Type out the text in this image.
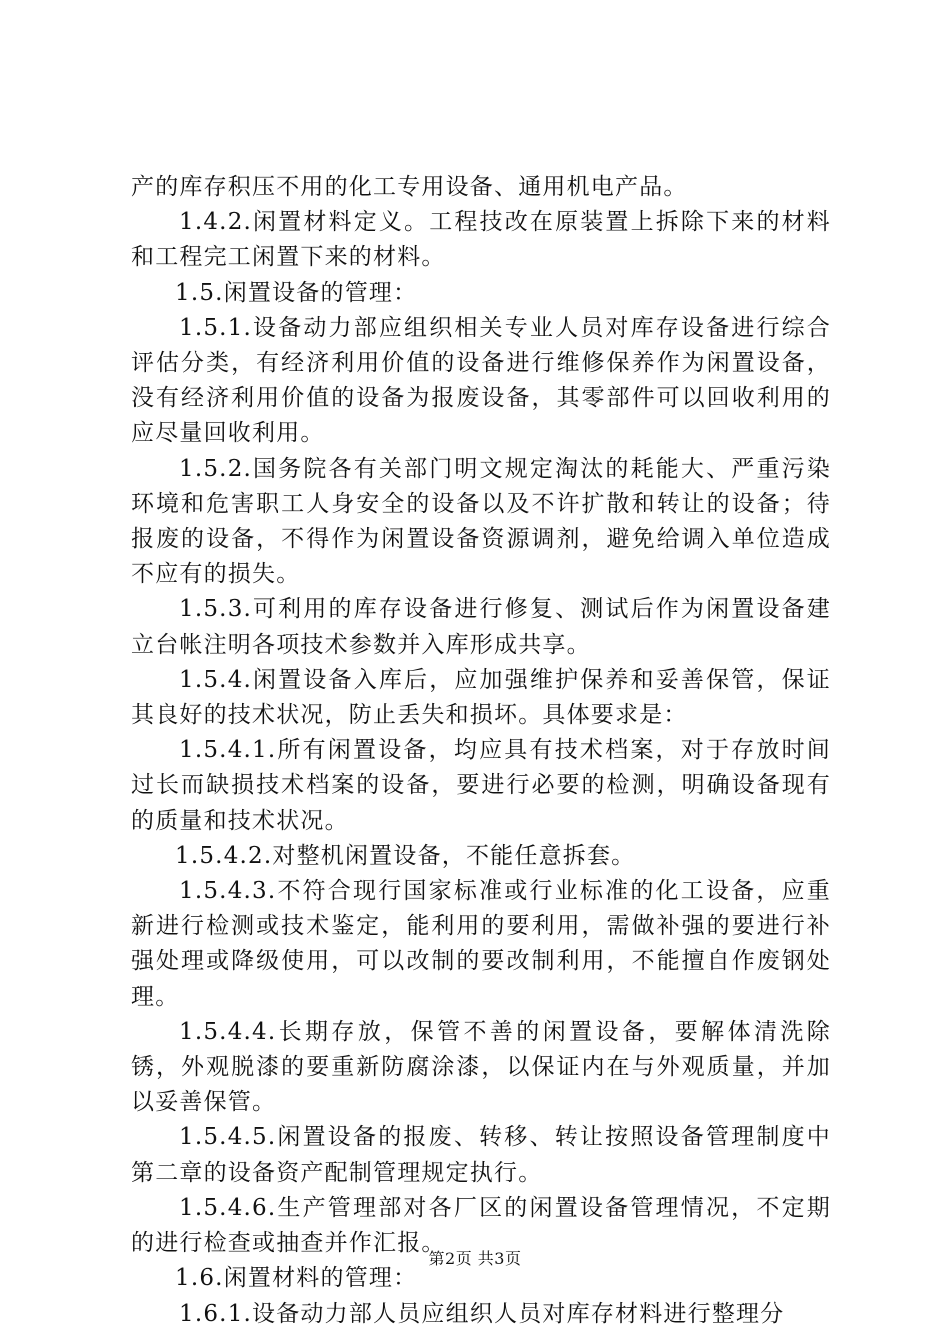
产的库存积压不用的化工专用设备、通用机电产品。

1.4.2.闲置材料定义。工程技改在原装置上拆除下来的材料和工程完工闲置下来的材料。

1.5.闲置设备的管理：

1.5.1.设备动力部应组织相关专业人员对库存设备进行综合评估分类，有经济利用价值的设备进行维修保养作为闲置设备，没有经济利用价值的设备为报废设备，其零部件可以回收利用的应尽量回收利用。

1.5.2.国务院各有关部门明文规定淘汰的耗能大、严重污染环境和危害职工人身安全的设备以及不许扩散和转让的设备；待报废的设备，不得作为闲置设备资源调剂，避免给调入单位造成不应有的损失。

1.5.3.可利用的库存设备进行修复、测试后作为闲置设备建立台帐注明各项技术参数并入库形成共享。

1.5.4.闲置设备入库后，应加强维护保养和妥善保管，保证其良好的技术状况，防止丢失和损坏。具体要求是：

1.5.4.1.所有闲置设备，均应具有技术档案，对于存放时间过长而缺损技术档案的设备，要进行必要的检测，明确设备现有的质量和技术状况。

1.5.4.2.对整机闲置设备，不能任意拆套。

1.5.4.3.不符合现行国家标准或行业标准的化工设备，应重新进行检测或技术鉴定，能利用的要利用，需做补强的要进行补强处理或降级使用，可以改制的要改制利用，不能擅自作废钢处理。

1.5.4.4.长期存放，保管不善的闲置设备，要解体清洗除锈，外观脱漆的要重新防腐涂漆，以保证内在与外观质量，并加以妥善保管。

1.5.4.5.闲置设备的报废、转移、转让按照设备管理制度中第二章的设备资产配制管理规定执行。

1.5.4.6.生产管理部对各厂区的闲置设备管理情况，不定期的进行检查或抽查并作汇报。

1.6.闲置材料的管理：

1.6.1.设备动力部人员应组织人员对库存材料进行整理分

第2页 共3页
